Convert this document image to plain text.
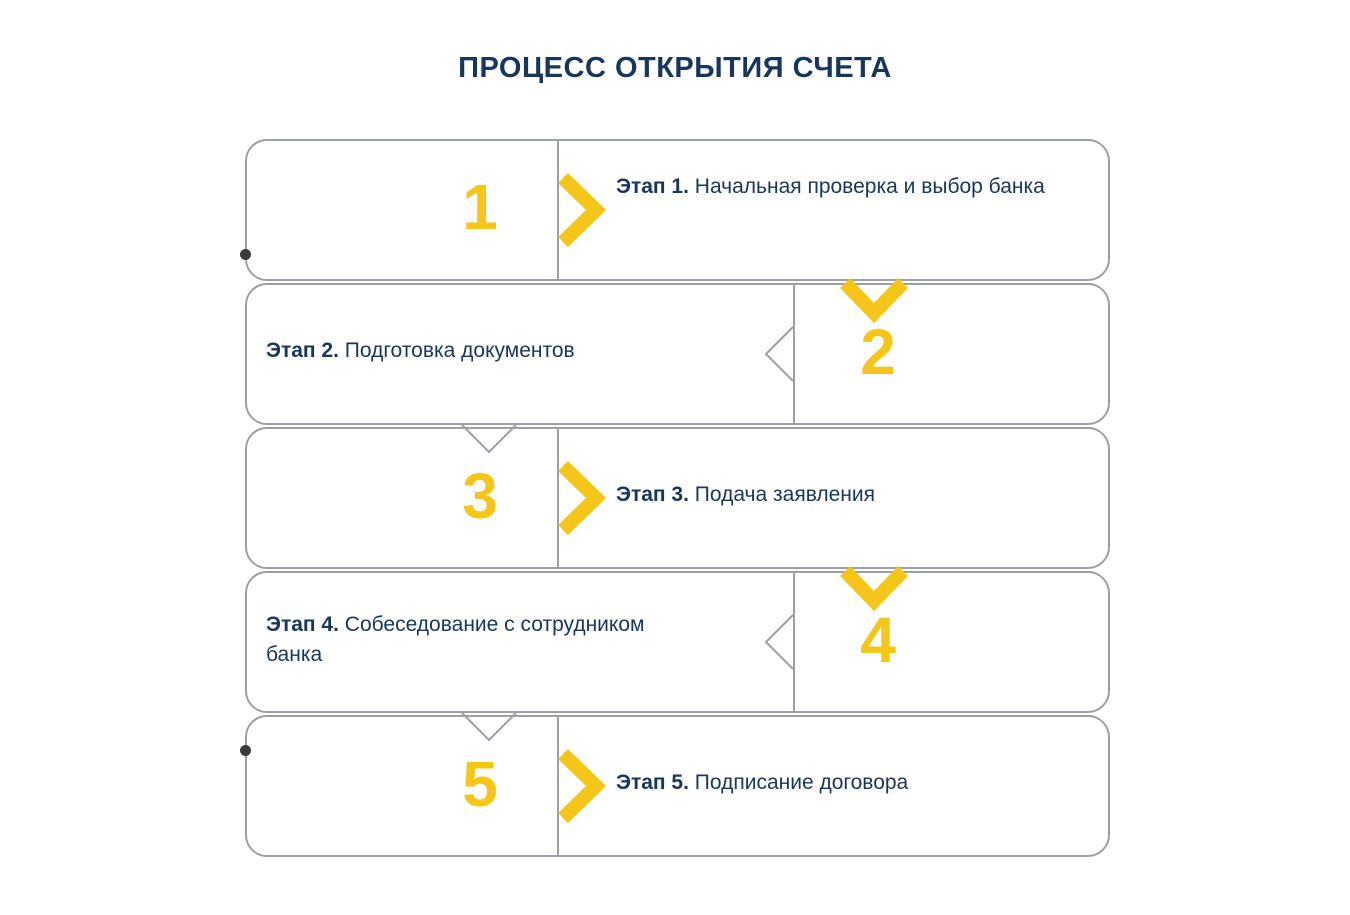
ПРОЦЕСС ОТКРЫТИЯ СЧЕТА
1	Этап 1. Начальная проверка и выбор банка
2
Этап 2. Подготовка документов
3	Этап 3. Подача заявления
4
Этап 4. Собеседование с сотрудником банка
5	Этап 5. Подписание договора
